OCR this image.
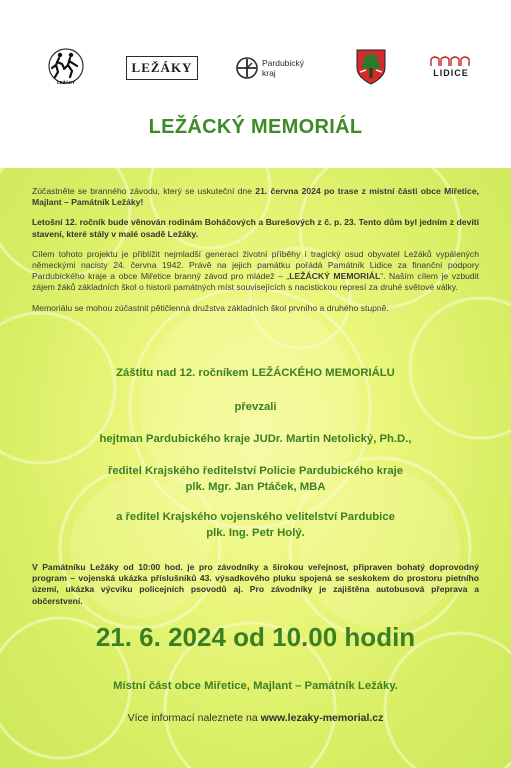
LEŽÁKY
LEŽÁKY	Pardubický
kraj	LIDICE
LEŽÁCKÝ MEMORIÁL

Zúčastněte se branného závodu, který se uskuteční dne 21. června 2024 po trase z místní části obce Miřetice, Majlant – Památník Ležáky!

Letošní 12. ročník bude věnován rodinám Boháčových a Burešových z č. p. 23. Tento dům byl jedním z devíti stavení, které stály v malé osadě Ležáky.

Cílem tohoto projektu je přiblížit nejmladší generaci životní příběhy i tragický osud obyvatel Ležáků vypálených německými nacisty 24. června 1942. Právě na jejich památku pořádá Památník Lidice za finanční podpory Pardubického kraje a obce Miřetice branný závod pro mládež – „LEŽÁCKÝ MEMORIÁL“. Naším cílem je vzbudit zájem žáků základních škol o historii památných míst souvisejících s nacistickou represí za druhé světové války.

Memoriálu se mohou zúčastnit pětičlenná družstva základních škol prvního a druhého stupně.

Záštitu nad 12. ročníkem LEŽÁCKÉHO MEMORIÁLU
převzali
hejtman Pardubického kraje JUDr. Martin Netolický, Ph.D.,
ředitel Krajského ředitelství Policie Pardubického kraje
plk. Mgr. Jan Ptáček, MBA
a ředitel Krajského vojenského velitelství Pardubice
plk. Ing. Petr Holý.
V Památníku Ležáky od 10:00 hod. je pro závodníky a širokou veřejnost, připraven bohatý doprovodný program – vojenská ukázka příslušníků 43. výsadkového pluku spojená se seskokem do prostoru pietního území, ukázka výcviku policejních psovodů aj. Pro závodníky je zajištěna autobusová přeprava a občerstvení.
21. 6. 2024 od 10.00 hodin
Místní část obce Miřetice, Majlant – Památník Ležáky.
Více informací naleznete na www.lezaky-memorial.cz
